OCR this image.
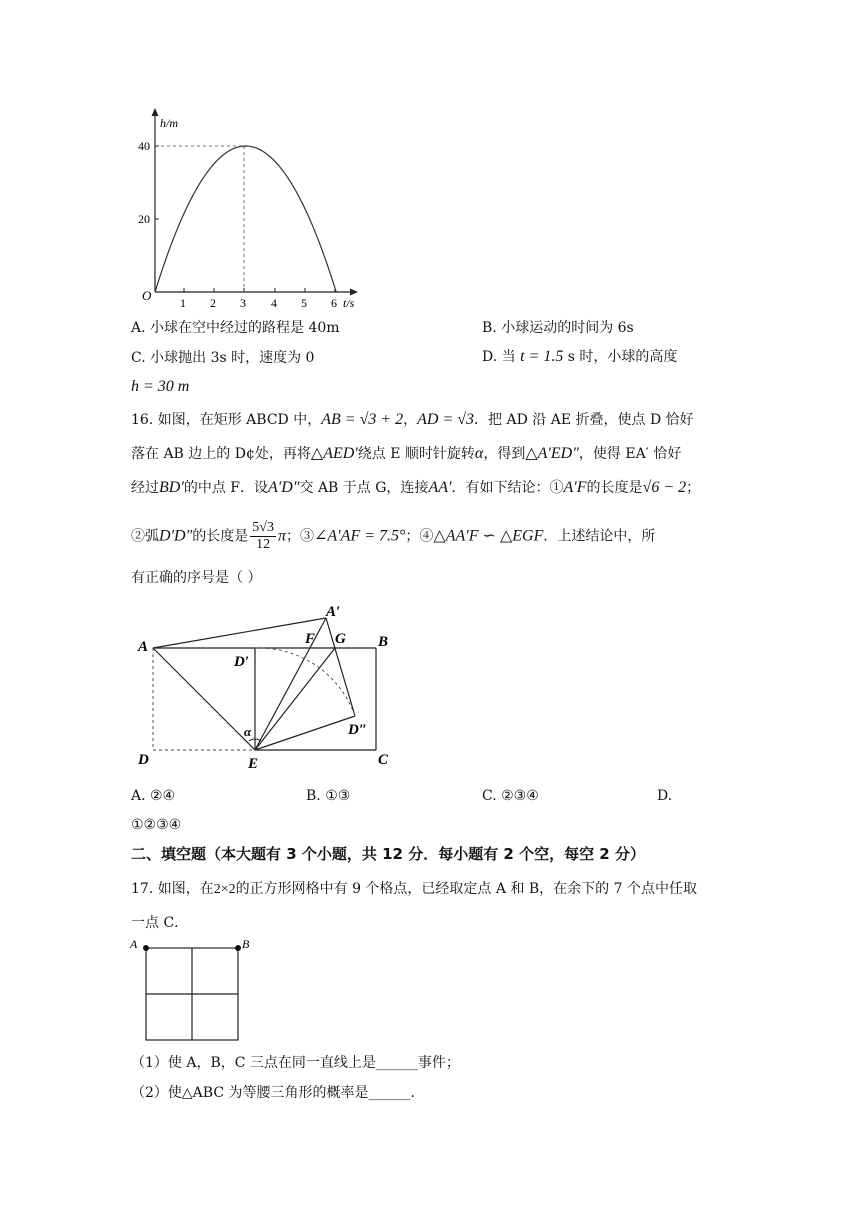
h/m
t/s
O
40
20
1 2 3 4 5 6
A. 小球在空中经过的路程是 40m	B. 小球运动的时间为 6s
C. 小球抛出 3s 时，速度为 0	D. 当 t = 1.5 s 时，小球的高度
h = 30 m
16. 如图，在矩形 ABCD 中，AB = √3 + 2，AD = √3．把 AD 沿 AE 折叠，使点 D 恰好
落在 AB 边上的 D¢处，再将△AED′绕点 E 顺时针旋转α，得到△A′ED″，使得 EA′ 恰好
经过BD′的中点 F．设A′D″交 AB 于点 G，连接AA′．有如下结论：①A′F的长度是√6 − 2；
②弧D′D″的长度是 $\frac{5√3}{12}$ π；③∠A′AF = 7.5°；④△AA′F ∽ △EGF．上述结论中，所
有正确的序号是（ ）
A	B
C
D	E
F G
A′
D′
D″
α
A. ②④	B. ①③	C. ②③④	D.
①②③④
二、填空题（本大题有 3 个小题，共 12 分．每小题有 2 个空，每空 2 分）
17. 如图，在2×2的正方形网格中有 9 个格点，已经取定点 A 和 B，在余下的 7 个点中任取
一点 C．
A	B
（1）使 A，B，C 三点在同一直线上是______事件；
（2）使△ABC 为等腰三角形的概率是______．
